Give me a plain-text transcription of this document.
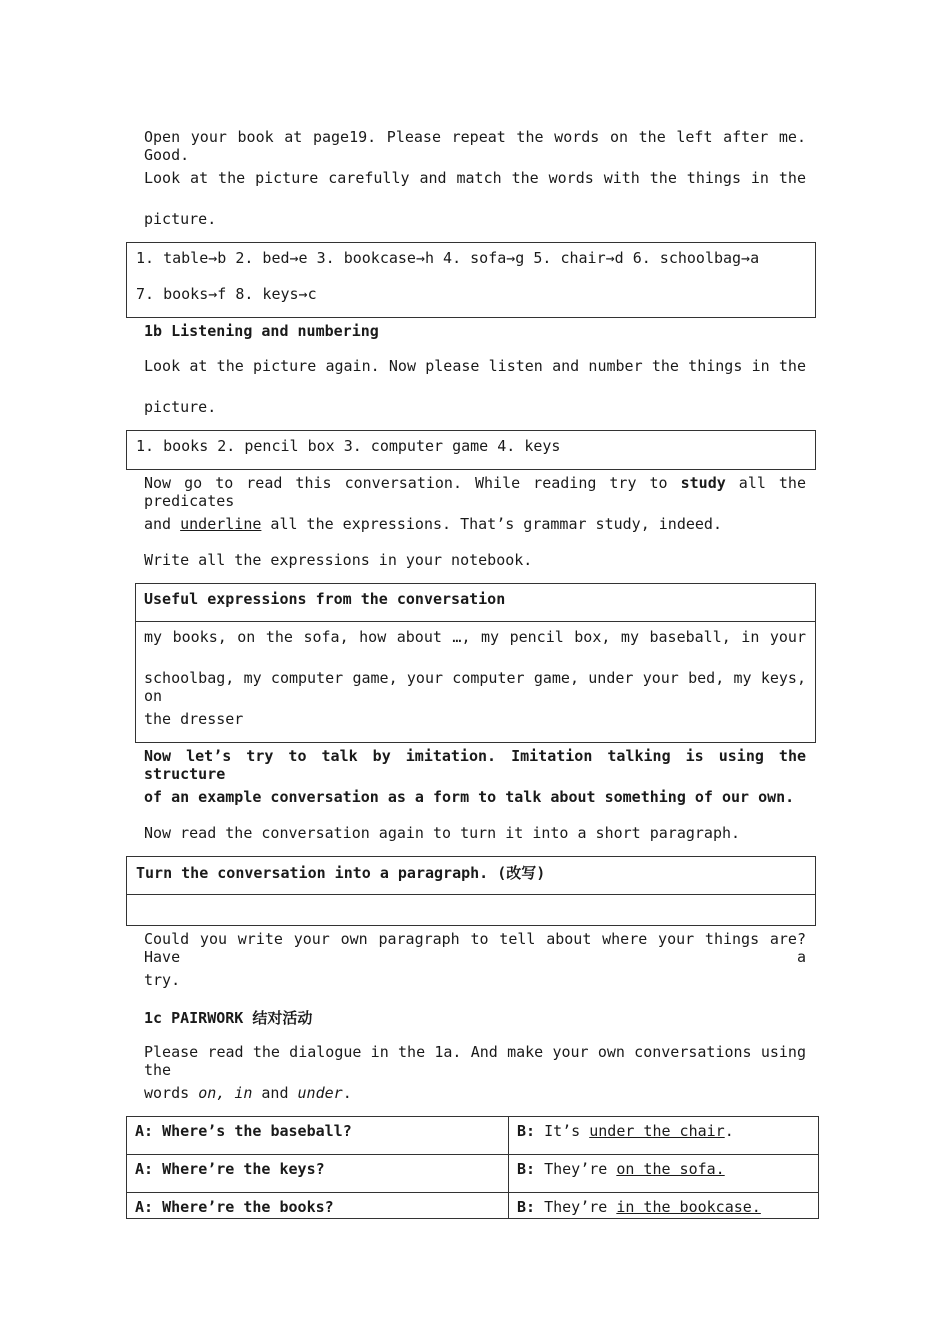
Open your book at page19. Please repeat the words on the left after me. Good.

Look at the picture carefully and match the words with the things in the

picture.

1. table→b 2. bed→e 3. bookcase→h 4. sofa→g 5. chair→d 6. schoolbag→a
7. books→f 8. keys→c

1b Listening and numbering

Look at the picture again. Now please listen and number the things in the

picture.

1. books 2. pencil box 3. computer game 4. keys

Now go to read this conversation. While reading try to study all the predicates

and underline all the expressions. That’s grammar study, indeed.

Write all the expressions in your notebook.

Useful expressions from the conversation
my books, on the sofa, how about …, my pencil box, my baseball, in your
schoolbag, my computer game, your computer game, under your bed, my keys, on
the dresser

Now let’s try to talk by imitation. Imitation talking is using the structure

of an example conversation as a form to talk about something of our own.

Now read the conversation again to turn it into a short paragraph.

Turn the conversation into a paragraph. (改写)

Could you write your own paragraph to tell about where your things are? Have a

try.

1c PAIRWORK 结对活动

Please read the dialogue in the 1a. And make your own conversations using the

words on, in and under.

A: Where’s the baseball?	B: It’s under the chair.
A: Where’re the keys?	B: They’re on the sofa.
A: Where’re the books?	B: They’re in the bookcase.
